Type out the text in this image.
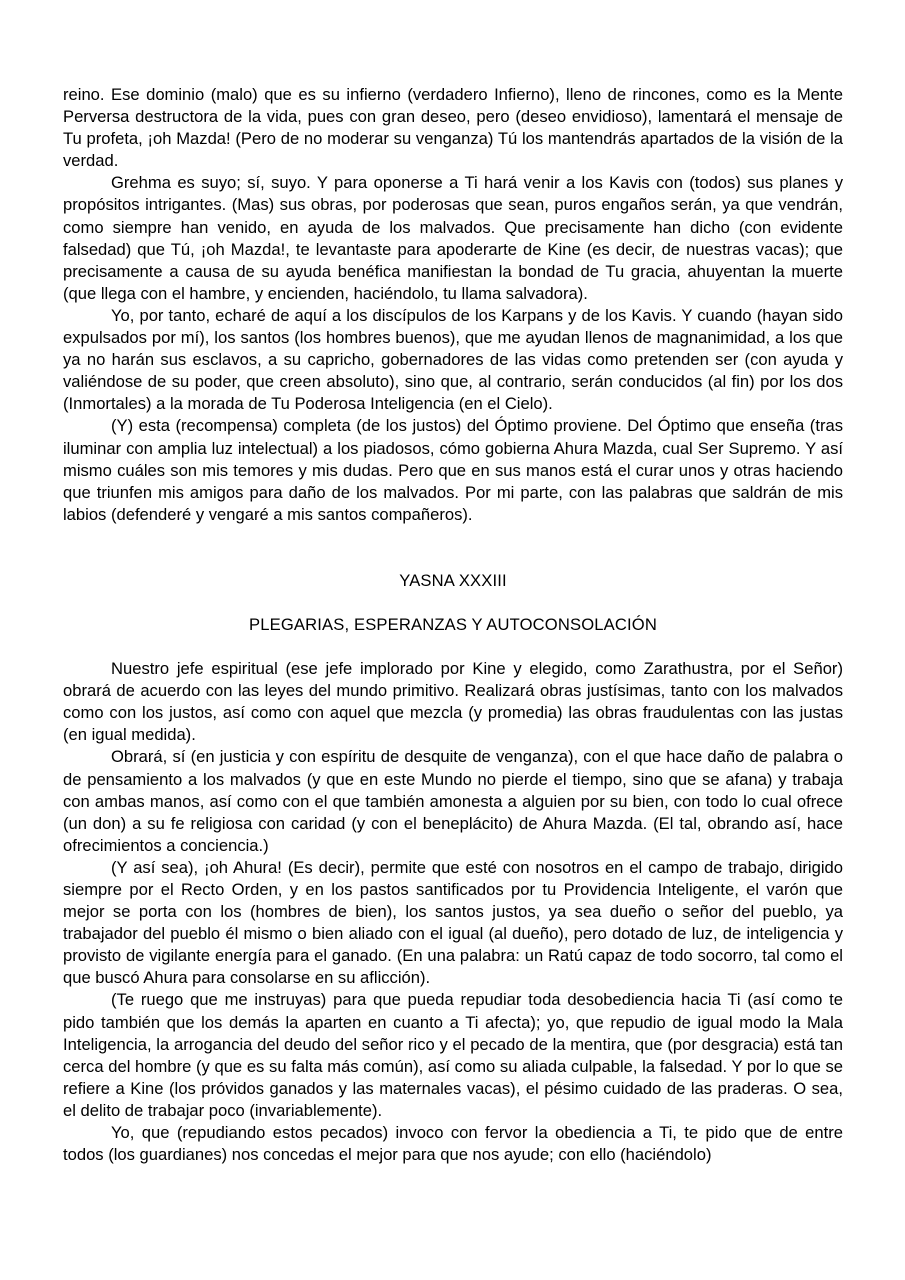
reino. Ese dominio (malo) que es su infierno (verdadero Infierno), lleno de rincones, como es la Mente Perversa destructora de la vida, pues con gran deseo, pero (deseo envidioso), lamentará el mensaje de Tu profeta, ¡oh Mazda! (Pero de no moderar su venganza) Tú los mantendrás apartados de la visión de la verdad.

Grehma es suyo; sí, suyo. Y para oponerse a Ti hará venir a los Kavis con (todos) sus planes y propósitos intrigantes. (Mas) sus obras, por poderosas que sean, puros engaños serán, ya que vendrán, como siempre han venido, en ayuda de los malvados. Que precisamente han dicho (con evidente falsedad) que Tú, ¡oh Mazda!, te levantaste para apoderarte de Kine (es decir, de nuestras vacas); que precisamente a causa de su ayuda benéfica manifiestan la bondad de Tu gracia, ahuyentan la muerte (que llega con el hambre, y encienden, haciéndolo, tu llama salvadora).

Yo, por tanto, echaré de aquí a los discípulos de los Karpans y de los Kavis. Y cuando (hayan sido expulsados por mí), los santos (los hombres buenos), que me ayudan llenos de magnanimidad, a los que ya no harán sus esclavos, a su capricho, gobernadores de las vidas como pretenden ser (con ayuda y valiéndose de su poder, que creen absoluto), sino que, al contrario, serán conducidos (al fin) por los dos (Inmortales) a la morada de Tu Poderosa Inteligencia (en el Cielo).

(Y) esta (recompensa) completa (de los justos) del Óptimo proviene. Del Óptimo que enseña (tras iluminar con amplia luz intelectual) a los piadosos, cómo gobierna Ahura Mazda, cual Ser Supremo. Y así mismo cuáles son mis temores y mis dudas. Pero que en sus manos está el curar unos y otras haciendo que triunfen mis amigos para daño de los malvados. Por mi parte, con las palabras que saldrán de mis labios (defenderé y vengaré a mis santos compañeros).

YASNA XXXIII
PLEGARIAS, ESPERANZAS Y AUTOCONSOLACIÓN

Nuestro jefe espiritual (ese jefe implorado por Kine y elegido, como Zarathustra, por el Señor) obrará de acuerdo con las leyes del mundo primitivo. Realizará obras justísimas, tanto con los malvados como con los justos, así como con aquel que mezcla (y promedia) las obras fraudulentas con las justas (en igual medida).

Obrará, sí (en justicia y con espíritu de desquite de venganza), con el que hace daño de palabra o de pensamiento a los malvados (y que en este Mundo no pierde el tiempo, sino que se afana) y trabaja con ambas manos, así como con el que también amonesta a alguien por su bien, con todo lo cual ofrece (un don) a su fe religiosa con caridad (y con el beneplácito) de Ahura Mazda. (El tal, obrando así, hace ofrecimientos a conciencia.)

(Y así sea), ¡oh Ahura! (Es decir), permite que esté con nosotros en el campo de trabajo, dirigido siempre por el Recto Orden, y en los pastos santificados por tu Providencia Inteligente, el varón que mejor se porta con los (hombres de bien), los santos justos, ya sea dueño o señor del pueblo, ya trabajador del pueblo él mismo o bien aliado con el igual (al dueño), pero dotado de luz, de inteligencia y provisto de vigilante energía para el ganado. (En una palabra: un Ratú capaz de todo socorro, tal como el que buscó Ahura para consolarse en su aflicción).

(Te ruego que me instruyas) para que pueda repudiar toda desobediencia hacia Ti (así como te pido también que los demás la aparten en cuanto a Ti afecta); yo, que repudio de igual modo la Mala Inteligencia, la arrogancia del deudo del señor rico y el pecado de la mentira, que (por desgracia) está tan cerca del hombre (y que es su falta más común), así como su aliada culpable, la falsedad. Y por lo que se refiere a Kine (los próvidos ganados y las maternales vacas), el pésimo cuidado de las praderas. O sea, el delito de trabajar poco (invariablemente).

Yo, que (repudiando estos pecados) invoco con fervor la obediencia a Ti, te pido que de entre todos (los guardianes) nos concedas el mejor para que nos ayude; con ello (haciéndolo)
